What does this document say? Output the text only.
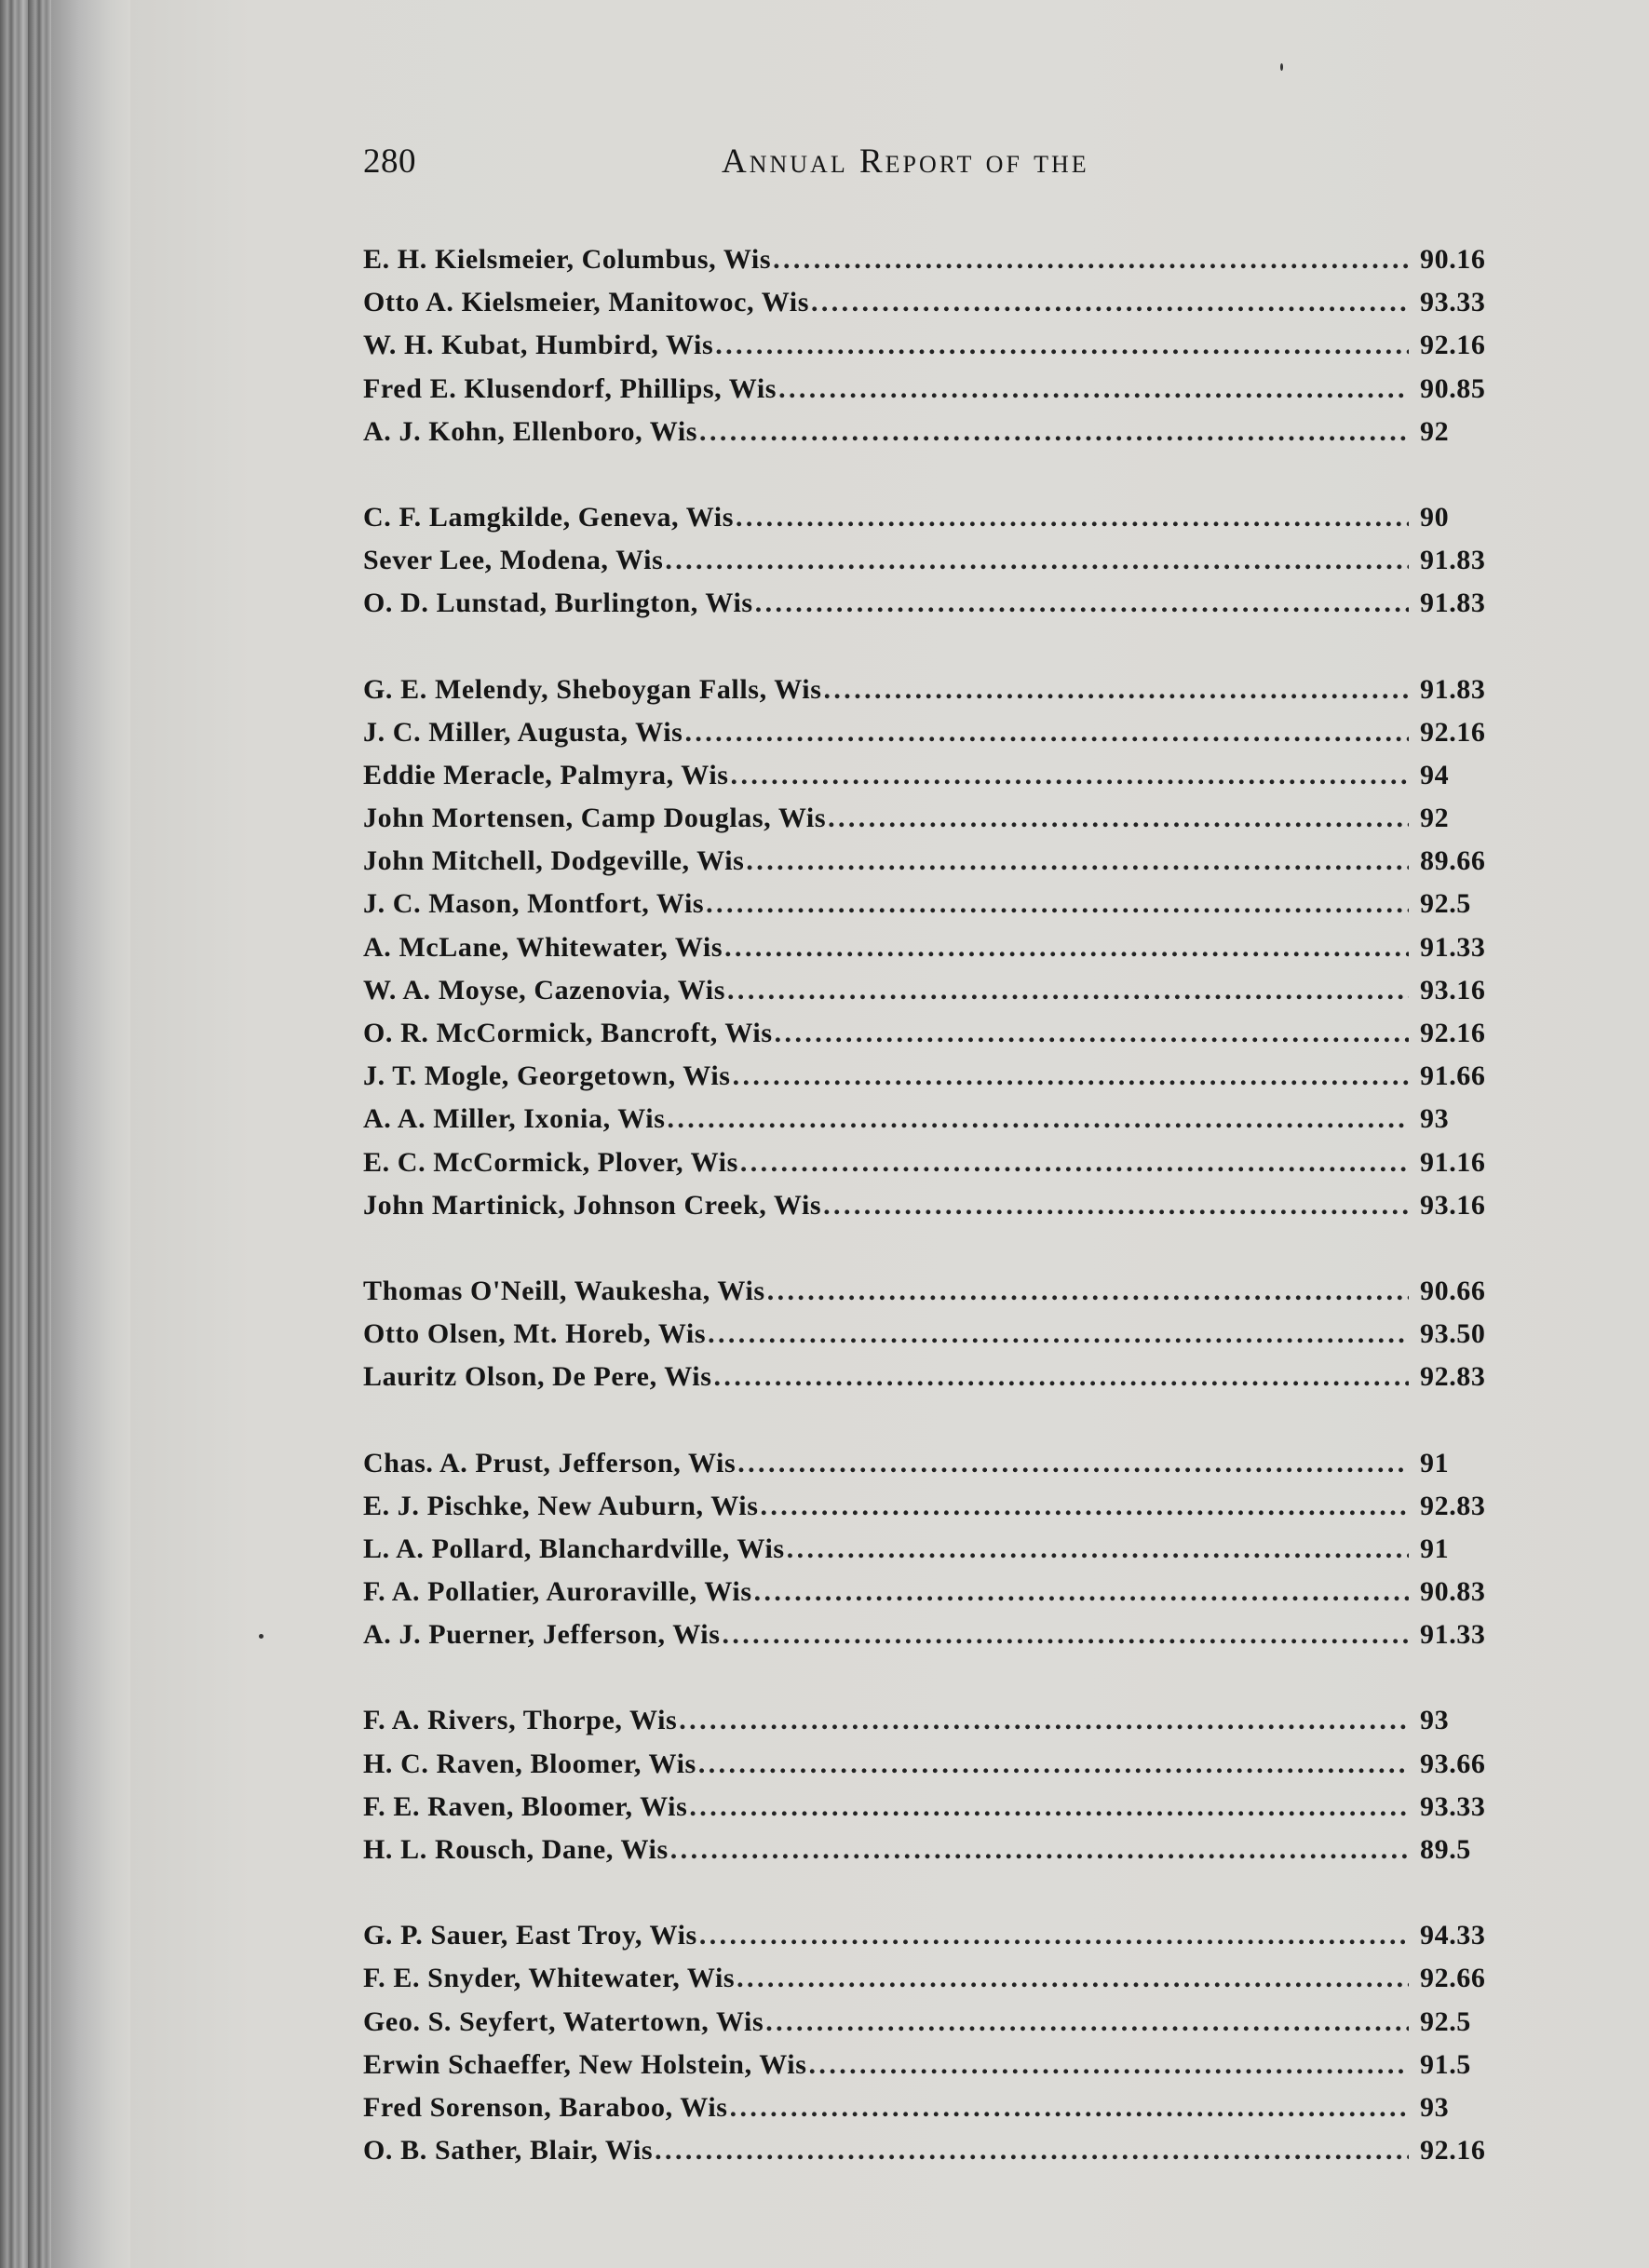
280	Annual Report of the
E. H. Kielsmeier, Columbus, Wis .....	90.16
Otto A. Kielsmeier, Manitowoc, Wis .....	93.33
W. H. Kubat, Humbird, Wis .....	92.16
Fred E. Klusendorf, Phillips, Wis .....	90.85
A. J. Kohn, Ellenboro, Wis .....	92
C. F. Lamgkilde, Geneva, Wis .....	90
Sever Lee, Modena, Wis .....	91.83
O. D. Lunstad, Burlington, Wis .....	91.83
G. E. Melendy, Sheboygan Falls, Wis .....	91.83
J. C. Miller, Augusta, Wis .....	92.16
Eddie Meracle, Palmyra, Wis .....	94
John Mortensen, Camp Douglas, Wis .....	92
John Mitchell, Dodgeville, Wis .....	89.66
J. C. Mason, Montfort, Wis .....	92.5
A. McLane, Whitewater, Wis .....	91.33
W. A. Moyse, Cazenovia, Wis .....	93.16
O. R. McCormick, Bancroft, Wis .....	92.16
J. T. Mogle, Georgetown, Wis .....	91.66
A. A. Miller, Ixonia, Wis .....	93
E. C. McCormick, Plover, Wis .....	91.16
John Martinick, Johnson Creek, Wis .....	93.16
Thomas O'Neill, Waukesha, Wis .....	90.66
Otto Olsen, Mt. Horeb, Wis .....	93.50
Lauritz Olson, De Pere, Wis .....	92.83
Chas. A. Prust, Jefferson, Wis .....	91
E. J. Pischke, New Auburn, Wis .....	92.83
L. A. Pollard, Blanchardville, Wis .....	91
F. A. Pollatier, Auroraville, Wis .....	90.83
A. J. Puerner, Jefferson, Wis .....	91.33
F. A. Rivers, Thorpe, Wis .....	93
H. C. Raven, Bloomer, Wis .....	93.66
F. E. Raven, Bloomer, Wis .....	93.33
H. L. Rousch, Dane, Wis .....	89.5
G. P. Sauer, East Troy, Wis .....	94.33
F. E. Snyder, Whitewater, Wis .....	92.66
Geo. S. Seyfert, Watertown, Wis .....	92.5
Erwin Schaeffer, New Holstein, Wis .....	91.5
Fred Sorenson, Baraboo, Wis .....	93
O. B. Sather, Blair, Wis .....	92.16
